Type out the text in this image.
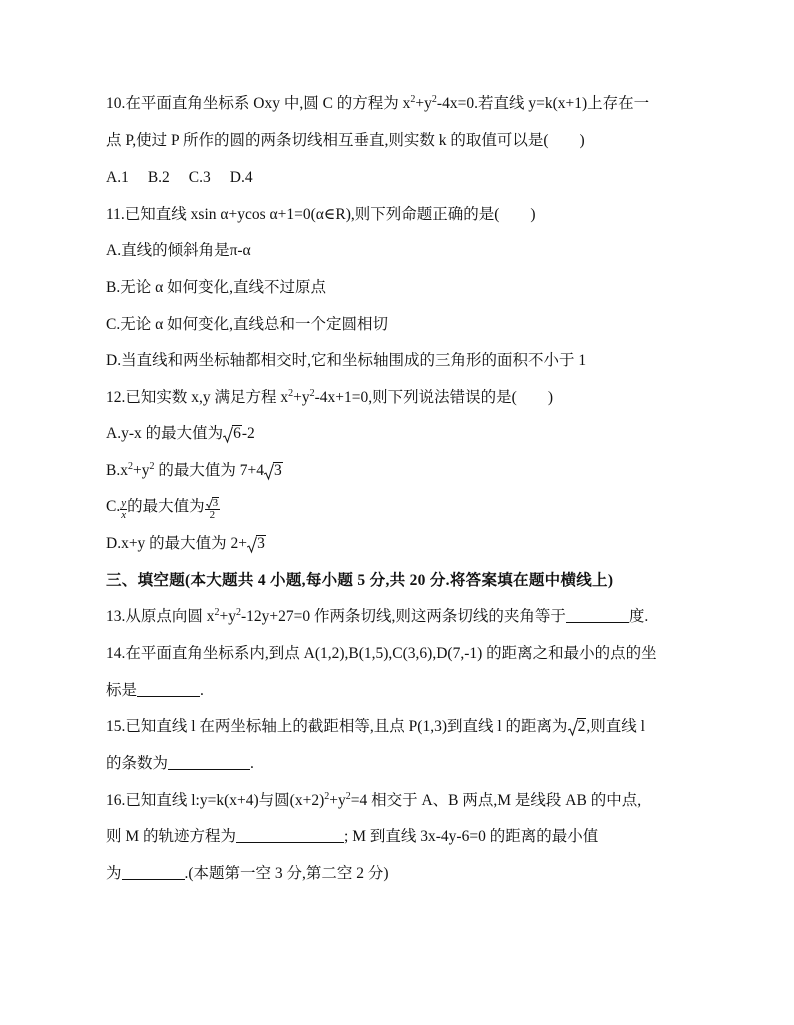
10.在平面直角坐标系 Oxy 中,圆 C 的方程为 $x^2+y^2-4x=0$.若直线 y=k(x+1)上存在一
点 P,使过 P 所作的圆的两条切线相互垂直,则实数 k 的取值可以是(　　)
A.1 B.2 C.3 D.4
11.已知直线 xsin α+ycos α+1=0(α∈R),则下列命题正确的是(　　)
A.直线的倾斜角是π-α
B.无论 α 如何变化,直线不过原点
C.无论 α 如何变化,直线总和一个定圆相切
D.当直线和两坐标轴都相交时,它和坐标轴围成的三角形的面积不小于 1
12.已知实数 x,y 满足方程 $x^2+y^2-4x+1=0$,则下列说法错误的是(　　)
A.y-x 的最大值为 6-2
$B.x^2+y^2$ 的最大值为 7+4 3
C. $\frac{y}{x}$ 的最大值为 $\frac{3}{2}$
D.x+y 的最大值为 2+ 3
三、填空题(本大题共 4 小题,每小题 5 分,共 20 分.将答案填在题中横线上)
13.从原点向圆 $x^2+y^2-12y+27=0$ 作两条切线,则这两条切线的夹角等于	度.
14.在平面直角坐标系内,到点 A(1,2),B(1,5),C(3,6),D(7,-1) 的距离之和最小的点的坐
标是	.
15.已知直线 l 在两坐标轴上的截距相等,且点 P(1,3)到直线 l 的距离为 2,则直线 l
的条数为	.
16.已知直线 l:y=k(x+4)与圆$(x+2)^2+y^2=4$ 相交于 A、B 两点,M 是线段 AB 的中点,
则 M 的轨迹方程为	; M 到直线 3x-4y-6=0 的距离的最小值
为	.(本题第一空 3 分,第二空 2 分)
